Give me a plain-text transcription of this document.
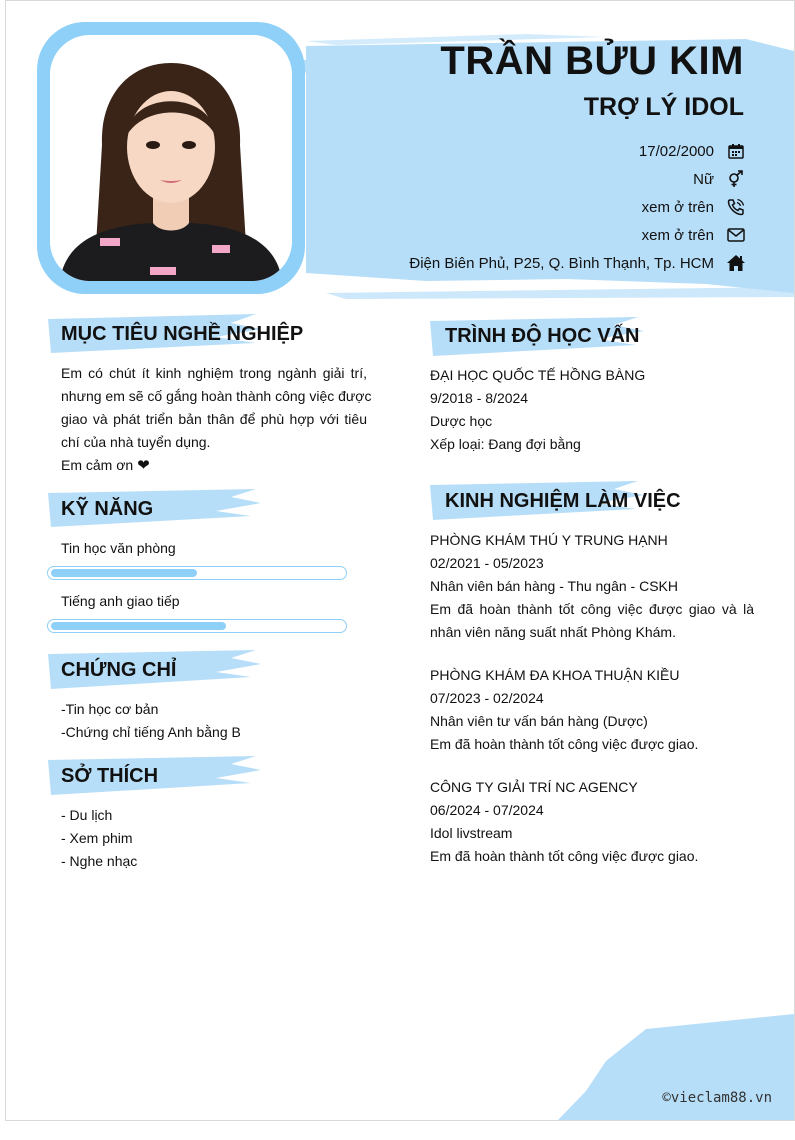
TRẦN BỬU KIM
TRỢ LÝ IDOL
17/02/2000
Nữ
xem ở trên
xem ở trên
Điện Biên Phủ, P25, Q. Bình Thạnh, Tp. HCM
MỤC TIÊU NGHỀ NGHIỆP
Em có chút ít kinh nghiệm trong ngành giải trí,
nhưng em sẽ cố gắng hoàn thành công việc được
giao và phát triển bản thân để phù hợp với tiêu
chí của nhà tuyển dụng.
Em cảm ơn ❤
KỸ NĂNG
Tin học văn phòng
Tiếng anh giao tiếp
CHỨNG CHỈ
-Tin học cơ bản
-Chứng chỉ tiếng Anh bằng B
SỞ THÍCH
- Du lịch
- Xem phim
- Nghe nhạc
TRÌNH ĐỘ HỌC VẤN
ĐẠI HỌC QUỐC TẾ HỒNG BÀNG
9/2018 - 8/2024
Dược học
Xếp loại: Đang đợi bằng
KINH NGHIỆM LÀM VIỆC
PHÒNG KHÁM THÚ Y TRUNG HẠNH
02/2021 - 05/2023
Nhân viên bán hàng - Thu ngân - CSKH
Em đã hoàn thành tốt công việc được giao và là
nhân viên năng suất nhất Phòng Khám.
PHÒNG KHÁM ĐA KHOA THUẬN KIỀU
07/2023 - 02/2024
Nhân viên tư vấn bán hàng (Dược)
Em đã hoàn thành tốt công việc được giao.
CÔNG TY GIẢI TRÍ NC AGENCY
06/2024 - 07/2024
Idol livstream
Em đã hoàn thành tốt công việc được giao.
©vieclam88.vn
